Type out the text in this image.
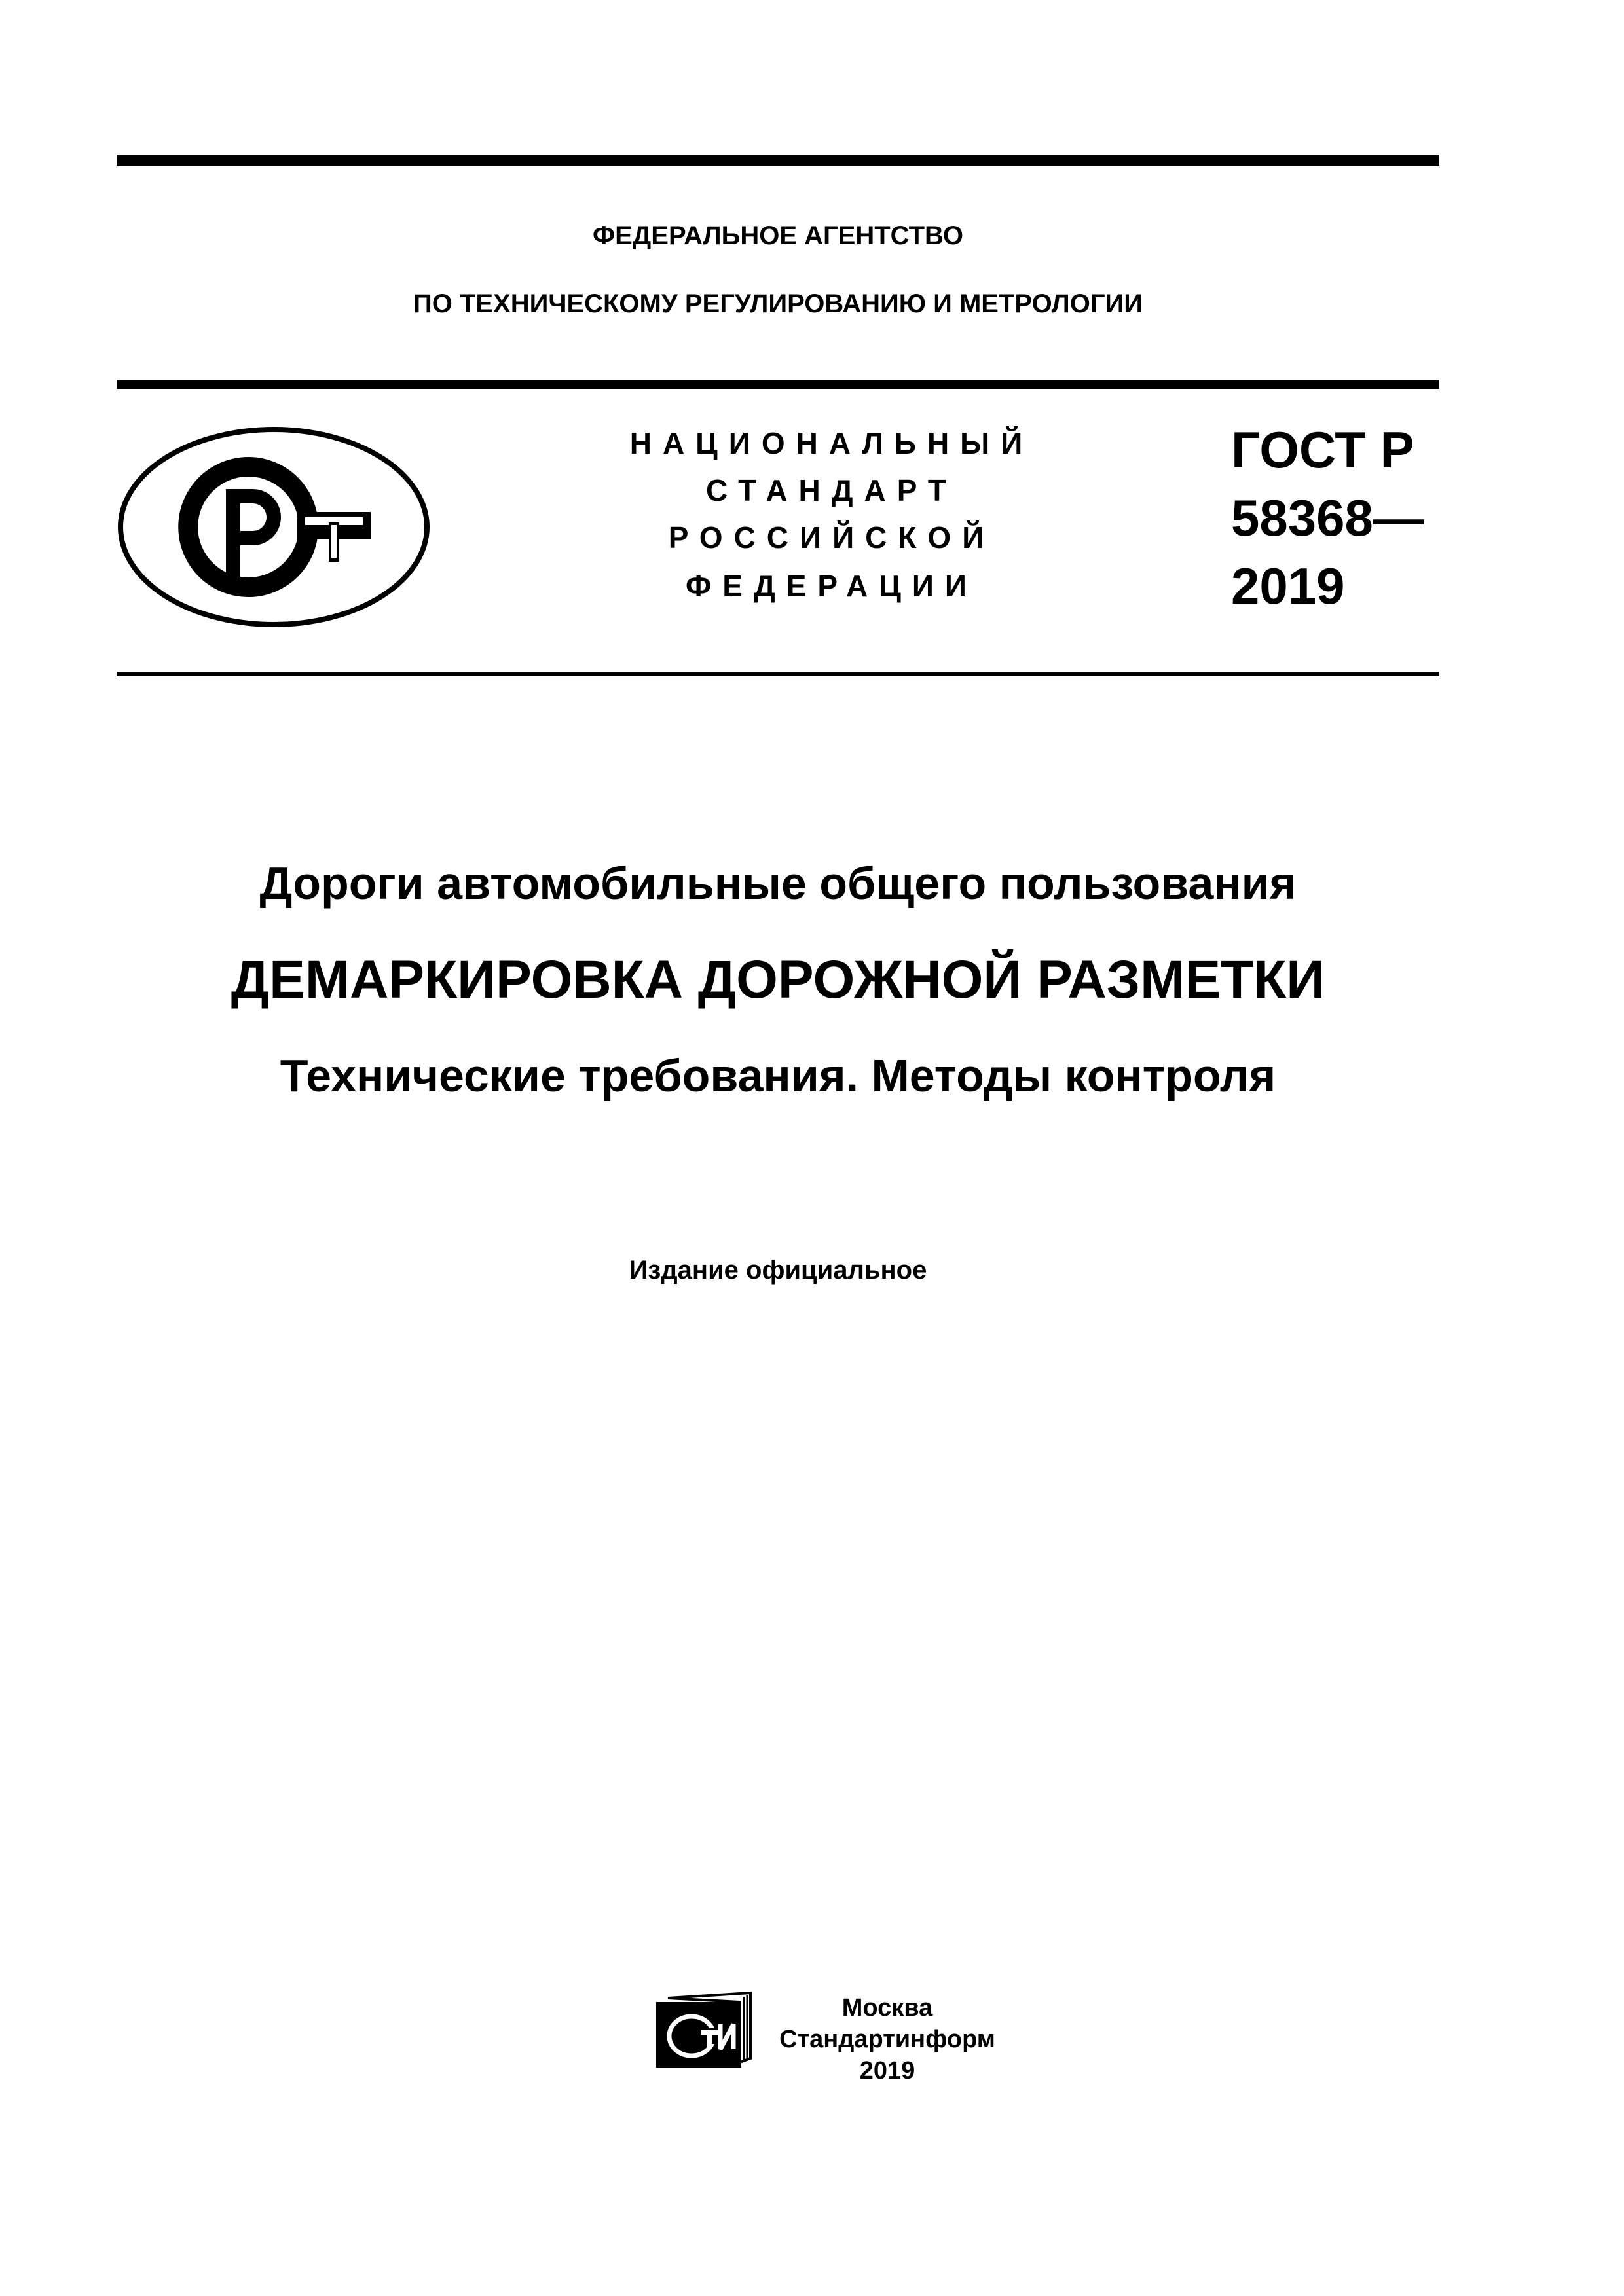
ФЕДЕРАЛЬНОЕ АГЕНТСТВО
ПО ТЕХНИЧЕСКОМУ РЕГУЛИРОВАНИЮ И МЕТРОЛОГИИ
НАЦИОНАЛЬНЫЙ
СТАНДАРТ
РОССИЙСКОЙ
ФЕДЕРАЦИИ
ГОСТ Р
58368—
2019
Дороги автомобильные общего пользования
ДЕМАРКИРОВКА ДОРОЖНОЙ РАЗМЕТКИ
Технические требования. Методы контроля
Издание официальное
Москва
Стандартинформ
2019
